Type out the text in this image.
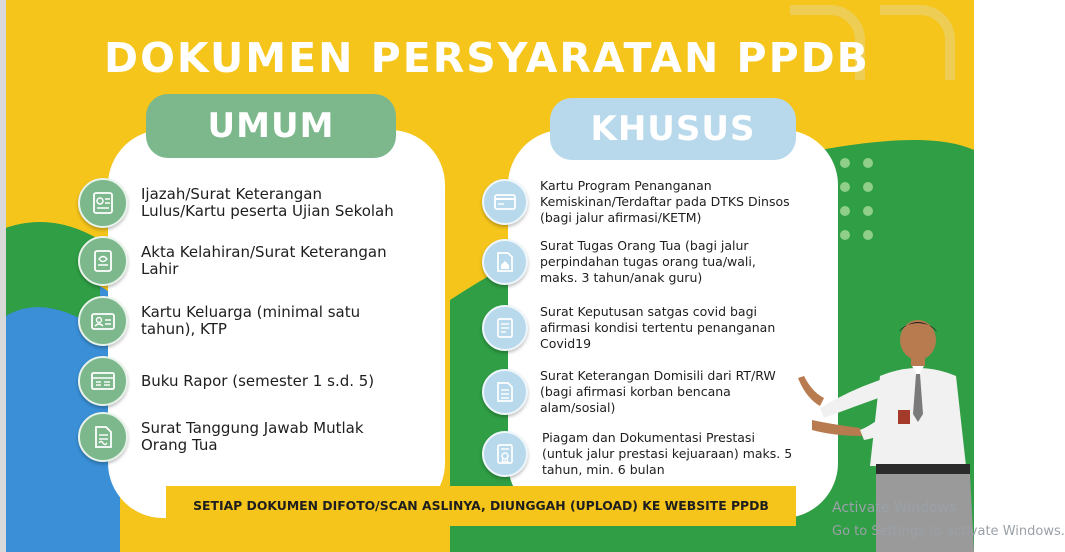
DOKUMEN PERSYARATAN PPDB
UMUM	KHUSUS
Ijazah/Surat Keterangan
Lulus/Kartu peserta Ujian Sekolah
Akta Kelahiran/Surat Keterangan
Lahir
Kartu Keluarga (minimal satu
tahun), KTP
Buku Rapor (semester 1 s.d. 5)
Surat Tanggung Jawab Mutlak
Orang Tua
Kartu Program Penanganan
Kemiskinan/Terdaftar pada DTKS Dinsos
(bagi jalur afirmasi/KETM)
Surat Tugas Orang Tua (bagi jalur
perpindahan tugas orang tua/wali,
maks. 3 tahun/anak guru)
Surat Keputusan satgas covid bagi
afirmasi kondisi tertentu penanganan
Covid19
Surat Keterangan Domisili dari RT/RW
(bagi afirmasi korban bencana
alam/sosial)
Piagam dan Dokumentasi Prestasi
(untuk jalur prestasi kejuaraan) maks. 5
tahun, min. 6 bulan
SETIAP DOKUMEN DIFOTO/SCAN ASLINYA, DIUNGGAH (UPLOAD) KE WEBSITE PPDB	Activate Windows
Go to Settings to activate Windows.
